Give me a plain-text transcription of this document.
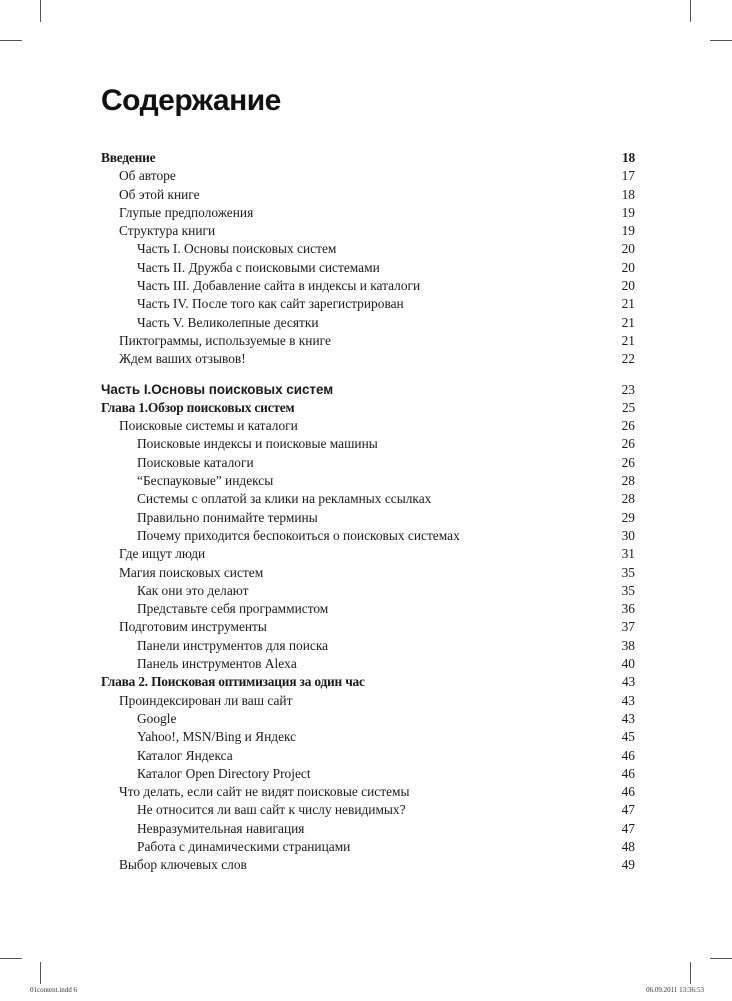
Содержание
Введение	18
Об авторе	17
Об этой книге	18
Глупые предположения	19
Структура книги	19
Часть I. Основы поисковых систем	20
Часть II. Дружба с поисковыми системами	20
Часть III. Добавление сайта в индексы и каталоги	20
Часть IV. После того как сайт зарегистрирован	21
Часть V. Великолепные десятки	21
Пиктограммы, используемые в книге	21
Ждем ваших отзывов!	22
Часть I.Основы поисковых систем	23
Глава 1.Обзор поисковых систем	25
Поисковые системы и каталоги	26
Поисковые индексы и поисковые машины	26
Поисковые каталоги	26
“Беспауковые” индексы	28
Системы с оплатой за клики на рекламных ссылках	28
Правильно понимайте термины	29
Почему приходится беспокоиться о поисковых системах	30
Где ищут люди	31
Магия поисковых систем	35
Как они это делают	35
Представьте себя программистом	36
Подготовим инструменты	37
Панели инструментов для поиска	38
Панель инструментов Alexa	40
Глава 2. Поисковая оптимизация за один час	43
Проиндексирован ли ваш сайт	43
Google	43
Yahoo!, MSN/Bing и Яндекс	45
Каталог Яндекса	46
Каталог Open Directory Project	46
Что делать, если сайт не видят поисковые системы	46
Не относится ли ваш сайт к числу невидимых?	47
Невразумительная навигация	47
Работа с динамическими страницами	48
Выбор ключевых слов	49
01content.indd 6	06.09.2011 13:36:53
